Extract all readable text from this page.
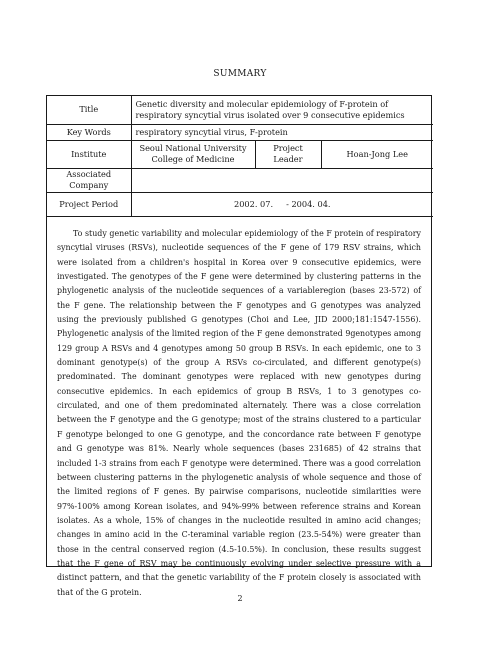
SUMMARY
Title	Genetic diversity and molecular epidemiology of F-protein of respiratory syncytial virus isolated over 9 consecutive epidemics		
Key Words	respiratory syncytial virus, F-protein		
Institute	Seoul National University College of Medicine	Project Leader	Hoan-Jong Lee
Associated Company			
Project Period	2002. 07. - 2004. 04.		

To study genetic variability and molecular epidemiology of the F protein of respiratory syncytial viruses (RSVs), nucleotide sequences of the F gene of 179 RSV strains, which were isolated from a children's hospital in Korea over 9 consecutive epidemics, were investigated. The genotypes of the F gene were determined by clustering patterns in the phylogenetic analysis of the nucleotide sequences of a variableregion (bases 23-572) of the F gene. The relationship between the F genotypes and G genotypes was analyzed using the previously published G genotypes (Choi and Lee, JID 2000;181:1547-1556). Phylogenetic analysis of the limited region of the F gene demonstrated 9genotypes among 129 group A RSVs and 4 genotypes among 50 group B RSVs. In each epidemic, one to 3 dominant genotype(s) of the group A RSVs co-circulated, and different genotype(s) predominated. The dominant genotypes were replaced with new genotypes during consecutive epidemics. In each epidemics of group B RSVs, 1 to 3 genotypes co-circulated, and one of them predominated alternately. There was a close correlation between the F genotype and the G genotype; most of the strains clustered to a particular F genotype belonged to one G genotype, and the concordance rate between F genotype and G genotype was 81%. Nearly whole sequences (bases 231685) of 42 strains that included 1-3 strains from each F genotype were determined. There was a good correlation between clustering patterns in the phylogenetic analysis of whole sequence and those of the limited regions of F genes. By pairwise comparisons, nucleotide similarities were 97%-100% among Korean isolates, and 94%-99% between reference strains and Korean isolates. As a whole, 15% of changes in the nucleotide resulted in amino acid changes; changes in amino acid in the C-teraminal variable region (23.5-54%) were greater than those in the central conserved region (4.5-10.5%). In conclusion, these results suggest that the F gene of RSV may be continuously evolving under selective pressure with a distinct pattern, and that the genetic variability of the F protein closely is associated with that of the G protein.

2
